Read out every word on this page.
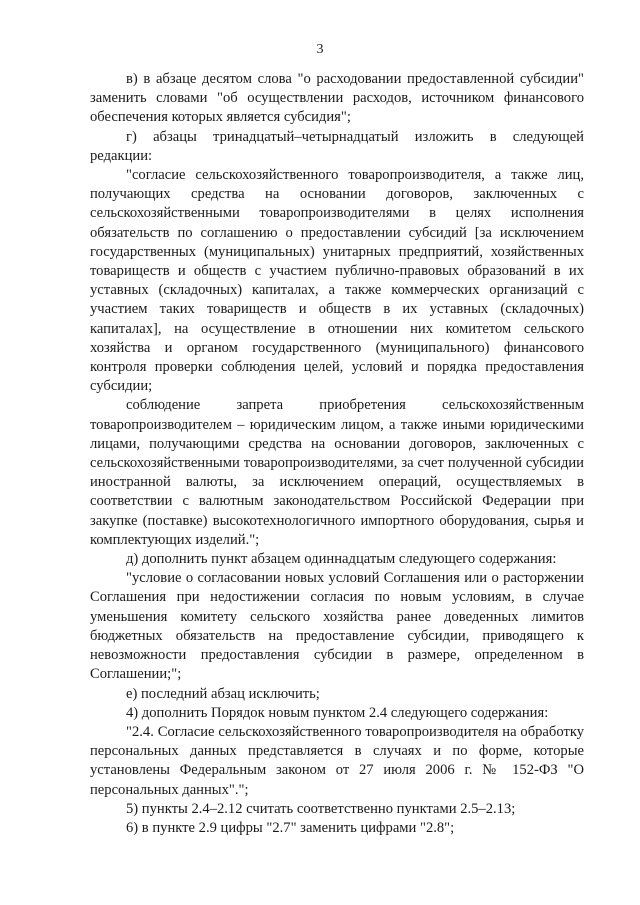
3

в) в абзаце десятом слова "о расходовании предоставленной субсидии" заменить словами "об осуществлении расходов, источником финансового обеспечения которых является субсидия";

г) абзацы тринадцатый–четырнадцатый изложить в следующей редакции:

"согласие сельскохозяйственного товаропроизводителя, а также лиц, получающих средства на основании договоров, заключенных с сельскохозяйственными товаропроизводителями в целях исполнения обязательств по соглашению о предоставлении субсидий [за исключением государственных (муниципальных) унитарных предприятий, хозяйственных товариществ и обществ с участием публично-правовых образований в их уставных (складочных) капиталах, а также коммерческих организаций с участием таких товариществ и обществ в их уставных (складочных) капиталах], на осуществление в отношении них комитетом сельского хозяйства и органом государственного (муниципального) финансового контроля проверки соблюдения целей, условий и порядка предоставления субсидии;

соблюдение запрета приобретения сельскохозяйственным товаропроизводителем – юридическим лицом, а также иными юридическими лицами, получающими средства на основании договоров, заключенных с сельскохозяйственными товаропроизводителями, за счет полученной субсидии иностранной валюты, за исключением операций, осуществляемых в соответствии с валютным законодательством Российской Федерации при закупке (поставке) высокотехнологичного импортного оборудования, сырья и комплектующих изделий.";

д) дополнить пункт абзацем одиннадцатым следующего содержания:

"условие о согласовании новых условий Соглашения или о расторжении Соглашения при недостижении согласия по новым условиям, в случае уменьшения комитету сельского хозяйства ранее доведенных лимитов бюджетных обязательств на предоставление субсидии, приводящего к невозможности предоставления субсидии в размере, определенном в Соглашении;";

е) последний абзац исключить;

4) дополнить Порядок новым пунктом 2.4 следующего содержания:

"2.4. Согласие сельскохозяйственного товаропроизводителя на обработку персональных данных представляется в случаях и по форме, которые установлены Федеральным законом от 27 июля 2006 г. № 152-ФЗ "О персональных данных".";

5) пункты 2.4–2.12 считать соответственно пунктами 2.5–2.13;

6) в пункте 2.9 цифры "2.7" заменить цифрами "2.8";
